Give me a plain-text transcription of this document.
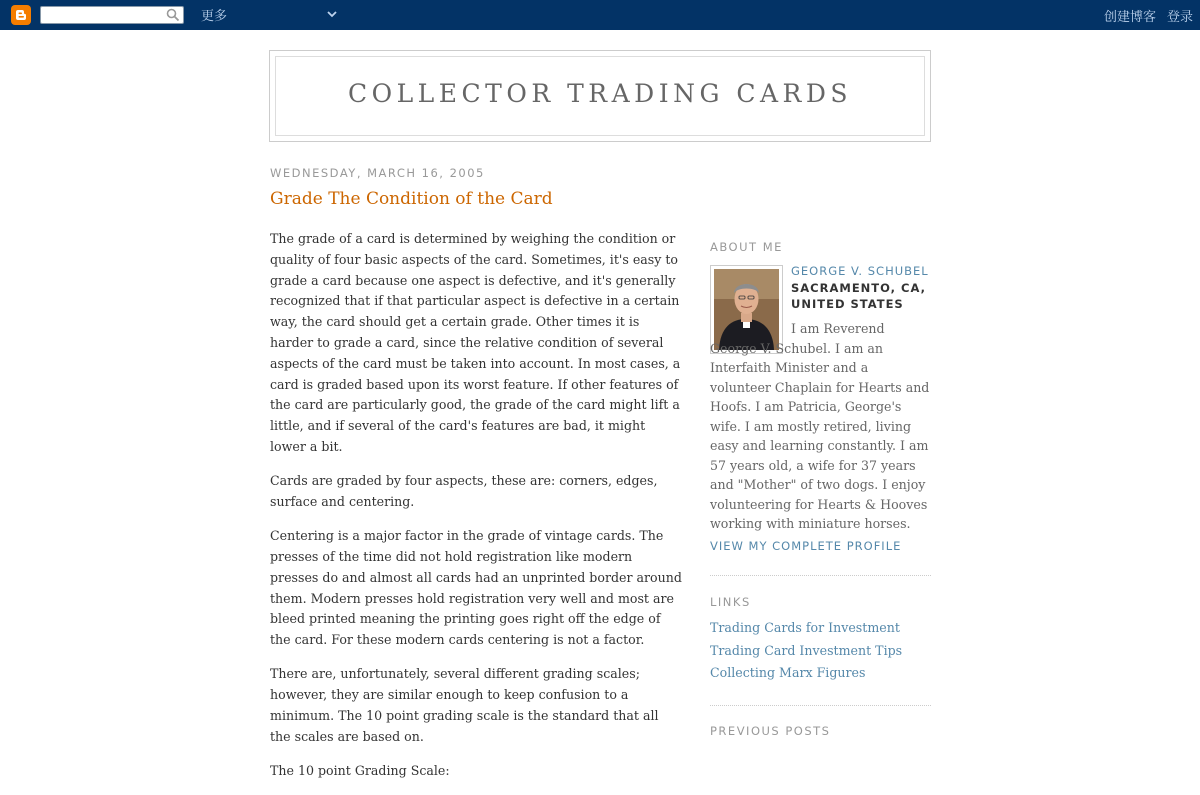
更多	创建博客 登录
COLLECTOR TRADING CARDS
WEDNESDAY, MARCH 16, 2005
Grade The Condition of the Card

The grade of a card is determined by weighing the condition or quality of four basic aspects of the card. Sometimes, it's easy to grade a card because one aspect is defective, and it's generally recognized that if that particular aspect is defective in a certain way, the card should get a certain grade. Other times it is harder to grade a card, since the relative condition of several aspects of the card must be taken into account. In most cases, a card is graded based upon its worst feature. If other features of the card are particularly good, the grade of the card might lift a little, and if several of the card's features are bad, it might lower a bit.

Cards are graded by four aspects, these are: corners, edges, surface and centering.

Centering is a major factor in the grade of vintage cards. The presses of the time did not hold registration like modern presses do and almost all cards had an unprinted border around them. Modern presses hold registration very well and most are bleed printed meaning the printing goes right off the edge of the card. For these modern cards centering is not a factor.

There are, unfortunately, several different grading scales; however, they are similar enough to keep confusion to a minimum. The 10 point grading scale is the standard that all the scales are based on.

The 10 point Grading Scale:

ABOUT ME
GEORGE V. SCHUBEL
SACRAMENTO, CA, UNITED STATES
I am Reverend George V. Schubel. I am an Interfaith Minister and a volunteer Chaplain for Hearts and Hoofs. I am Patricia, George's wife. I am mostly retired, living easy and learning constantly. I am 57 years old, a wife for 37 years and "Mother" of two dogs. I enjoy volunteering for Hearts & Hooves working with miniature horses.
VIEW MY COMPLETE PROFILE
LINKS
Trading Cards for Investment
Trading Card Investment Tips
Collecting Marx Figures
PREVIOUS POSTS
